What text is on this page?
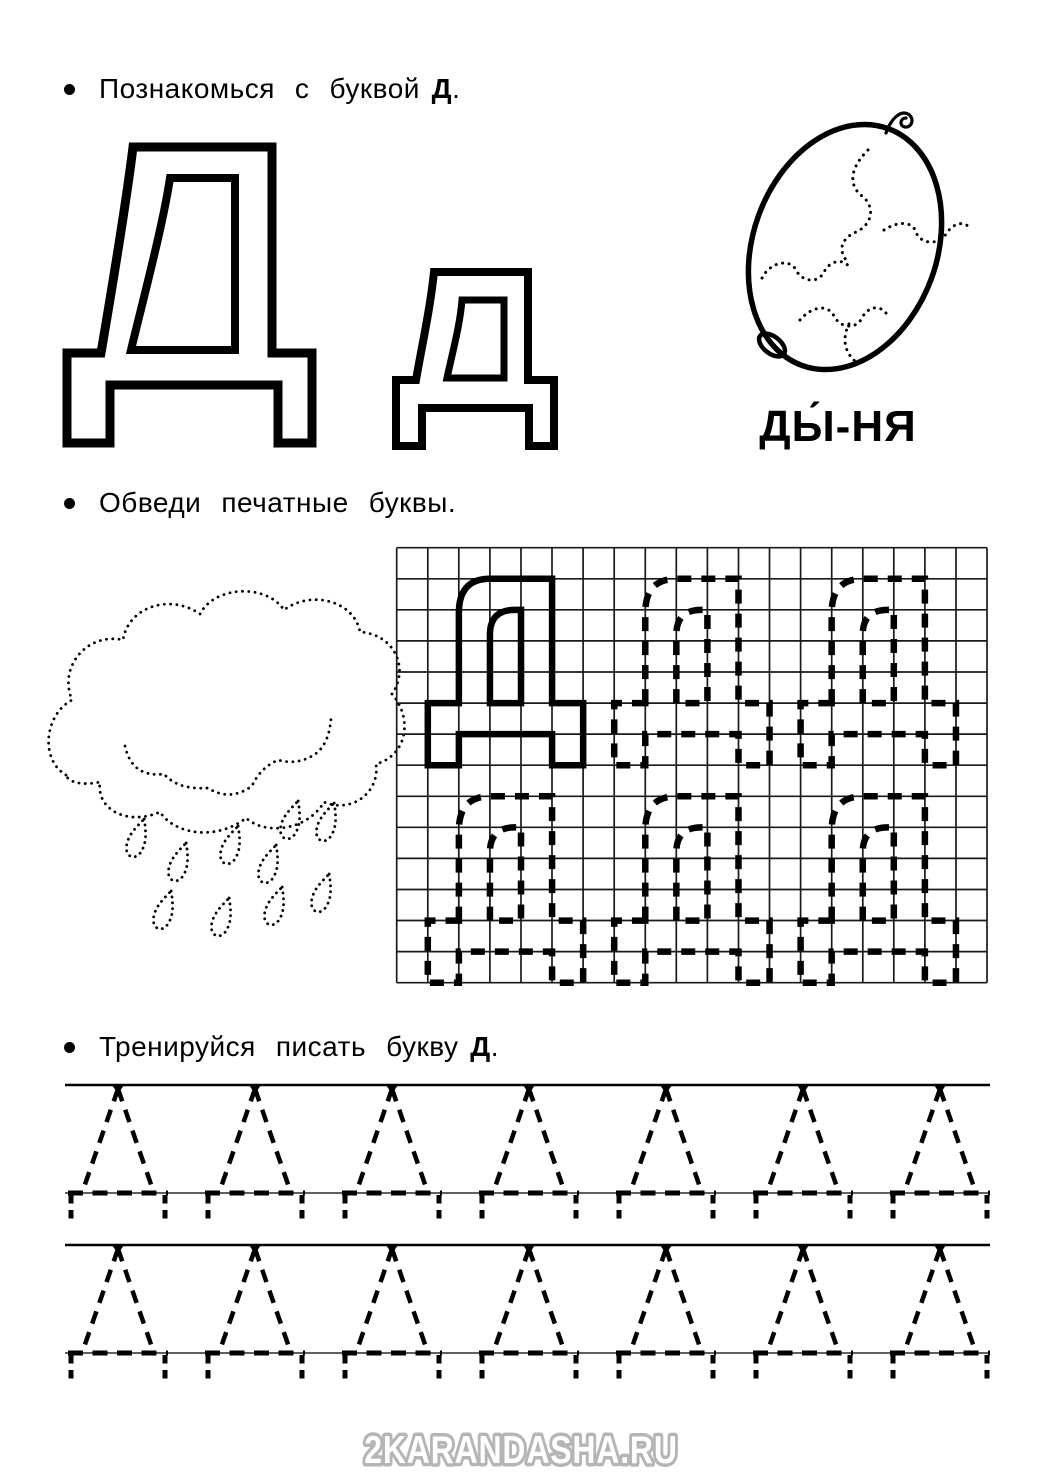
Познакомься с буквой Д .
Обведи печатные буквы.
Тренируйся писать букву Д .
ДЫ́-НЯ
2KARANDASHA.RU
